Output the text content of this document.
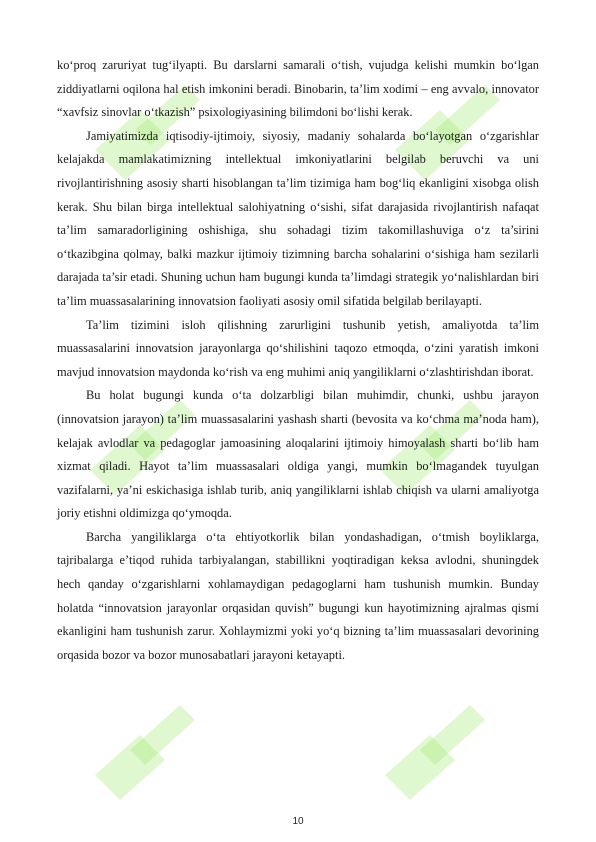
ko‘proq zaruriyat tug‘ilyapti. Bu darslarni samarali o‘tish, vujudga kelishi mumkin bo‘lgan ziddiyatlarni oqilona hal etish imkonini beradi. Binobarin, ta’lim xodimi – eng avvalo, innovator “xavfsiz sinovlar o‘tkazish” psixologiyasining bilimdoni bo‘lishi kerak.

Jamiyatimizda iqtisodiy-ijtimoiy, siyosiy, madaniy sohalarda bo‘layotgan o‘zgarishlar kelajakda mamlakatimizning intellektual imkoniyatlarini belgilab beruvchi va uni rivojlantirishning asosiy sharti hisoblangan ta’lim tizimiga ham bog‘liq ekanligini xisobga olish kerak. Shu bilan birga intellektual salohiyatning o‘sishi, sifat darajasida rivojlantirish nafaqat ta’lim samaradorligining oshishiga, shu sohadagi tizim takomillashuviga o‘z ta’sirini o‘tkazibgina qolmay, balki mazkur ijtimoiy tizimning barcha sohalarini o‘sishiga ham sezilarli darajada ta’sir etadi. Shuning uchun ham bugungi kunda ta’limdagi strategik yo‘nalishlardan biri ta’lim muassasalarining innovatsion faoliyati asosiy omil sifatida belgilab berilayapti.

Ta’lim tizimini isloh qilishning zarurligini tushunib yetish, amaliyotda ta’lim muassasalarini innovatsion jarayonlarga qo‘shilishini taqozo etmoqda, o‘zini yaratish imkoni mavjud innovatsion maydonda ko‘rish va eng muhimi aniq yangiliklarni o‘zlashtirishdan iborat.

Bu holat bugungi kunda o‘ta dolzarbligi bilan muhimdir, chunki, ushbu jarayon (innovatsion jarayon) ta’lim muassasalarini yashash sharti (bevosita va ko‘chma ma’noda ham), kelajak avlodlar va pedagoglar jamoasining aloqalarini ijtimoiy himoyalash sharti bo‘lib ham xizmat qiladi. Hayot ta’lim muassasalari oldiga yangi, mumkin bo‘lmagandek tuyulgan vazifalarni, ya’ni eskichasiga ishlab turib, aniq yangiliklarni ishlab chiqish va ularni amaliyotga joriy etishni oldimizga qo‘ymoqda.

Barcha yangiliklarga o‘ta ehtiyotkorlik bilan yondashadigan, o‘tmish boyliklarga, tajribalarga e’tiqod ruhida tarbiyalangan, stabillikni yoqtiradigan keksa avlodni, shuningdek hech qanday o‘zgarishlarni xohlamaydigan pedagoglarni ham tushunish mumkin. Bunday holatda “innovatsion jarayonlar orqasidan quvish” bugungi kun hayotimizning ajralmas qismi ekanligini ham tushunish zarur. Xohlaymizmi yoki yo‘q bizning ta’lim muassasalari devorining orqasida bozor va bozor munosabatlari jarayoni ketayapti.

10
